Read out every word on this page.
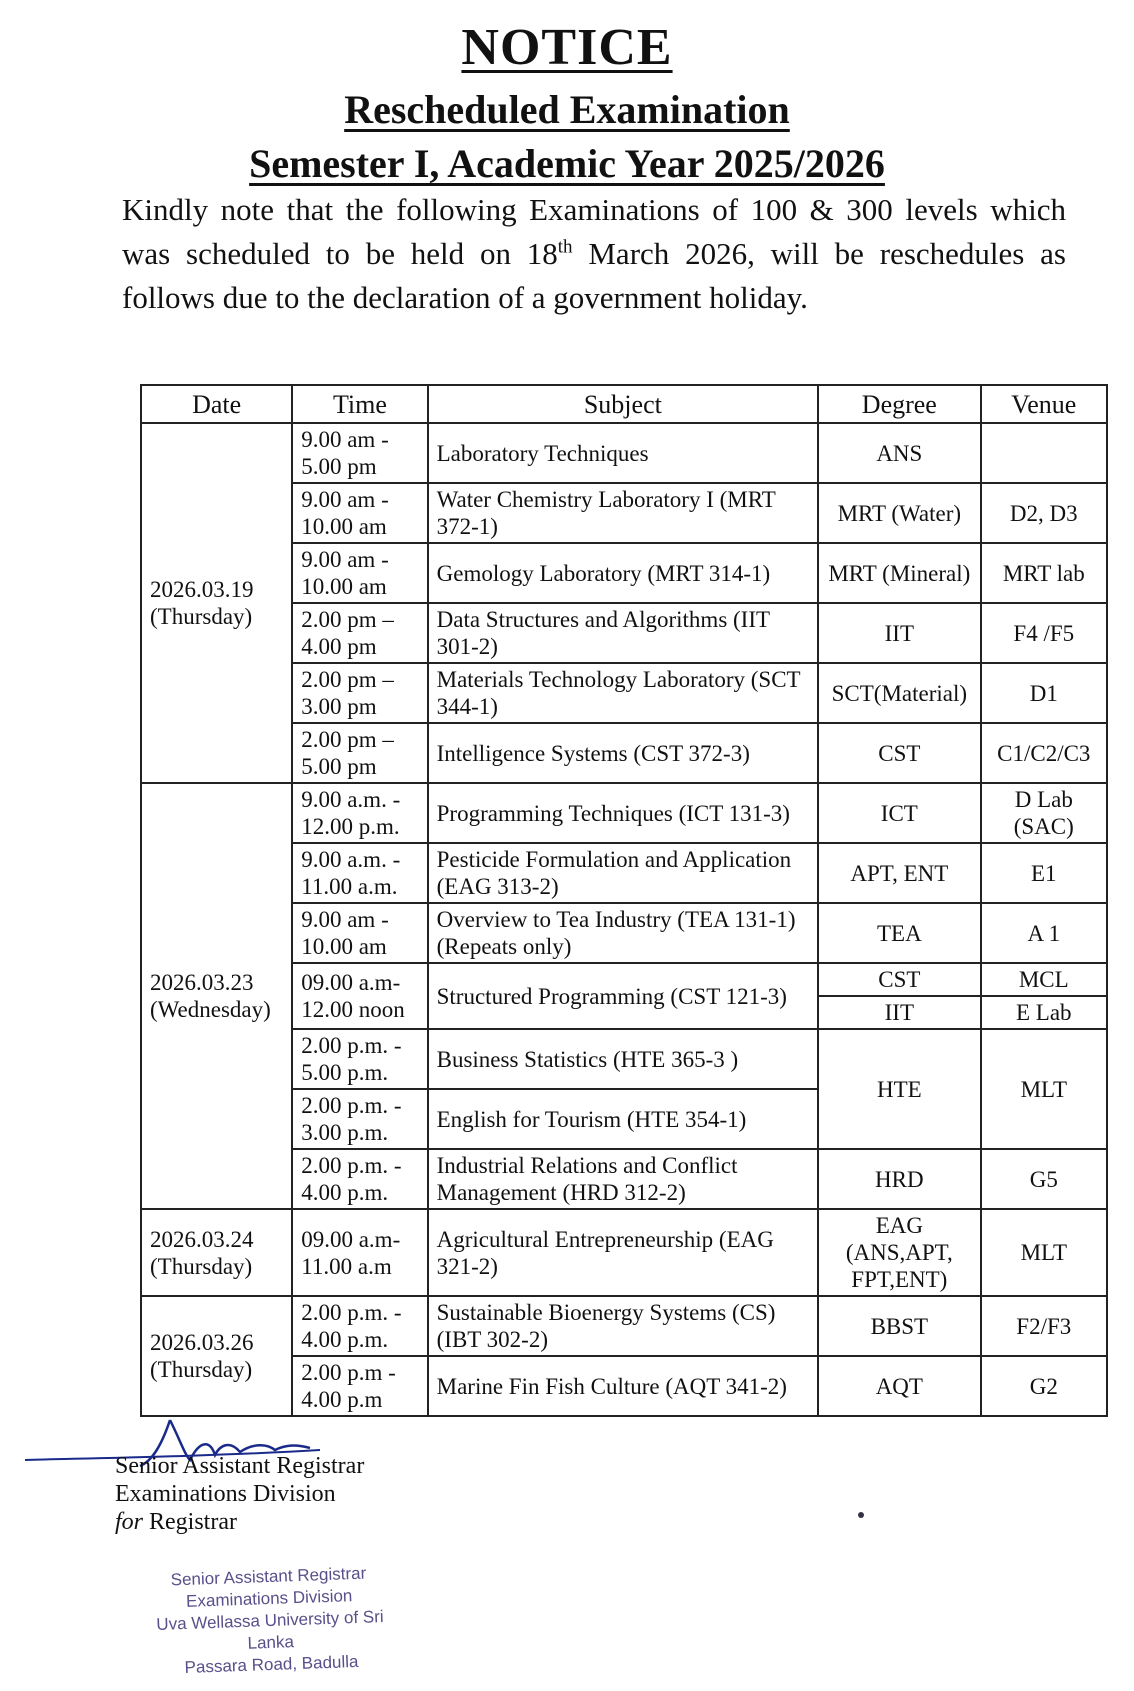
NOTICE
Rescheduled Examination
Semester I, Academic Year 2025/2026
Kindly note that the following Examinations of 100 & 300 levels which was scheduled to be held on 18th March 2026, will be reschedules as follows due to the declaration of a government holiday.
Date	Time	Subject	Degree	Venue

2026.03.19
(Thursday)	9.00 am - 5.00 pm	Laboratory Techniques	ANS	
	9.00 am - 10.00 am	Water Chemistry Laboratory I (MRT 372-1)	MRT (Water)	D2, D3
	9.00 am - 10.00 am	Gemology Laboratory (MRT 314-1)	MRT (Mineral)	MRT lab
	2.00 pm – 4.00 pm	Data Structures and Algorithms (IIT 301-2)	IIT	F4 /F5
	2.00 pm – 3.00 pm	Materials Technology Laboratory (SCT 344-1)	SCT(Material)	D1
	2.00 pm – 5.00 pm	Intelligence Systems (CST 372-3)	CST	C1/C2/C3

2026.03.23
(Wednesday)	9.00 a.m. - 12.00 p.m.	Programming Techniques (ICT 131-3)	ICT	D Lab (SAC)
	9.00 a.m. - 11.00 a.m.	Pesticide Formulation and Application (EAG 313-2)	APT, ENT	E1
	9.00 am - 10.00 am	Overview to Tea Industry (TEA 131-1) (Repeats only)	TEA	A 1
	09.00 a.m- 12.00 noon	Structured Programming (CST 121-3)	CST	MCL
			IIT	E Lab
	2.00 p.m. - 5.00 p.m.	Business Statistics (HTE 365-3 )	HTE	MLT
	2.00 p.m. - 3.00 p.m.	English for Tourism (HTE 354-1)		
	2.00 p.m. - 4.00 p.m.	Industrial Relations and Conflict Management (HRD 312-2)	HRD	G5

2026.03.24
(Thursday)	09.00 a.m- 11.00 a.m	Agricultural Entrepreneurship (EAG 321-2)	EAG (ANS,APT, FPT,ENT)	MLT

2026.03.26
(Thursday)	2.00 p.m. - 4.00 p.m.	Sustainable Bioenergy Systems (CS) (IBT 302-2)	BBST	F2/F3
	2.00 p.m - 4.00 p.m	Marine Fin Fish Culture (AQT 341-2)	AQT	G2
Senior Assistant Registrar
Examinations Division
for Registrar
Senior Assistant Registrar
Examinations Division
Uva Wellassa University of Sri Lanka
Passara Road, Badulla
